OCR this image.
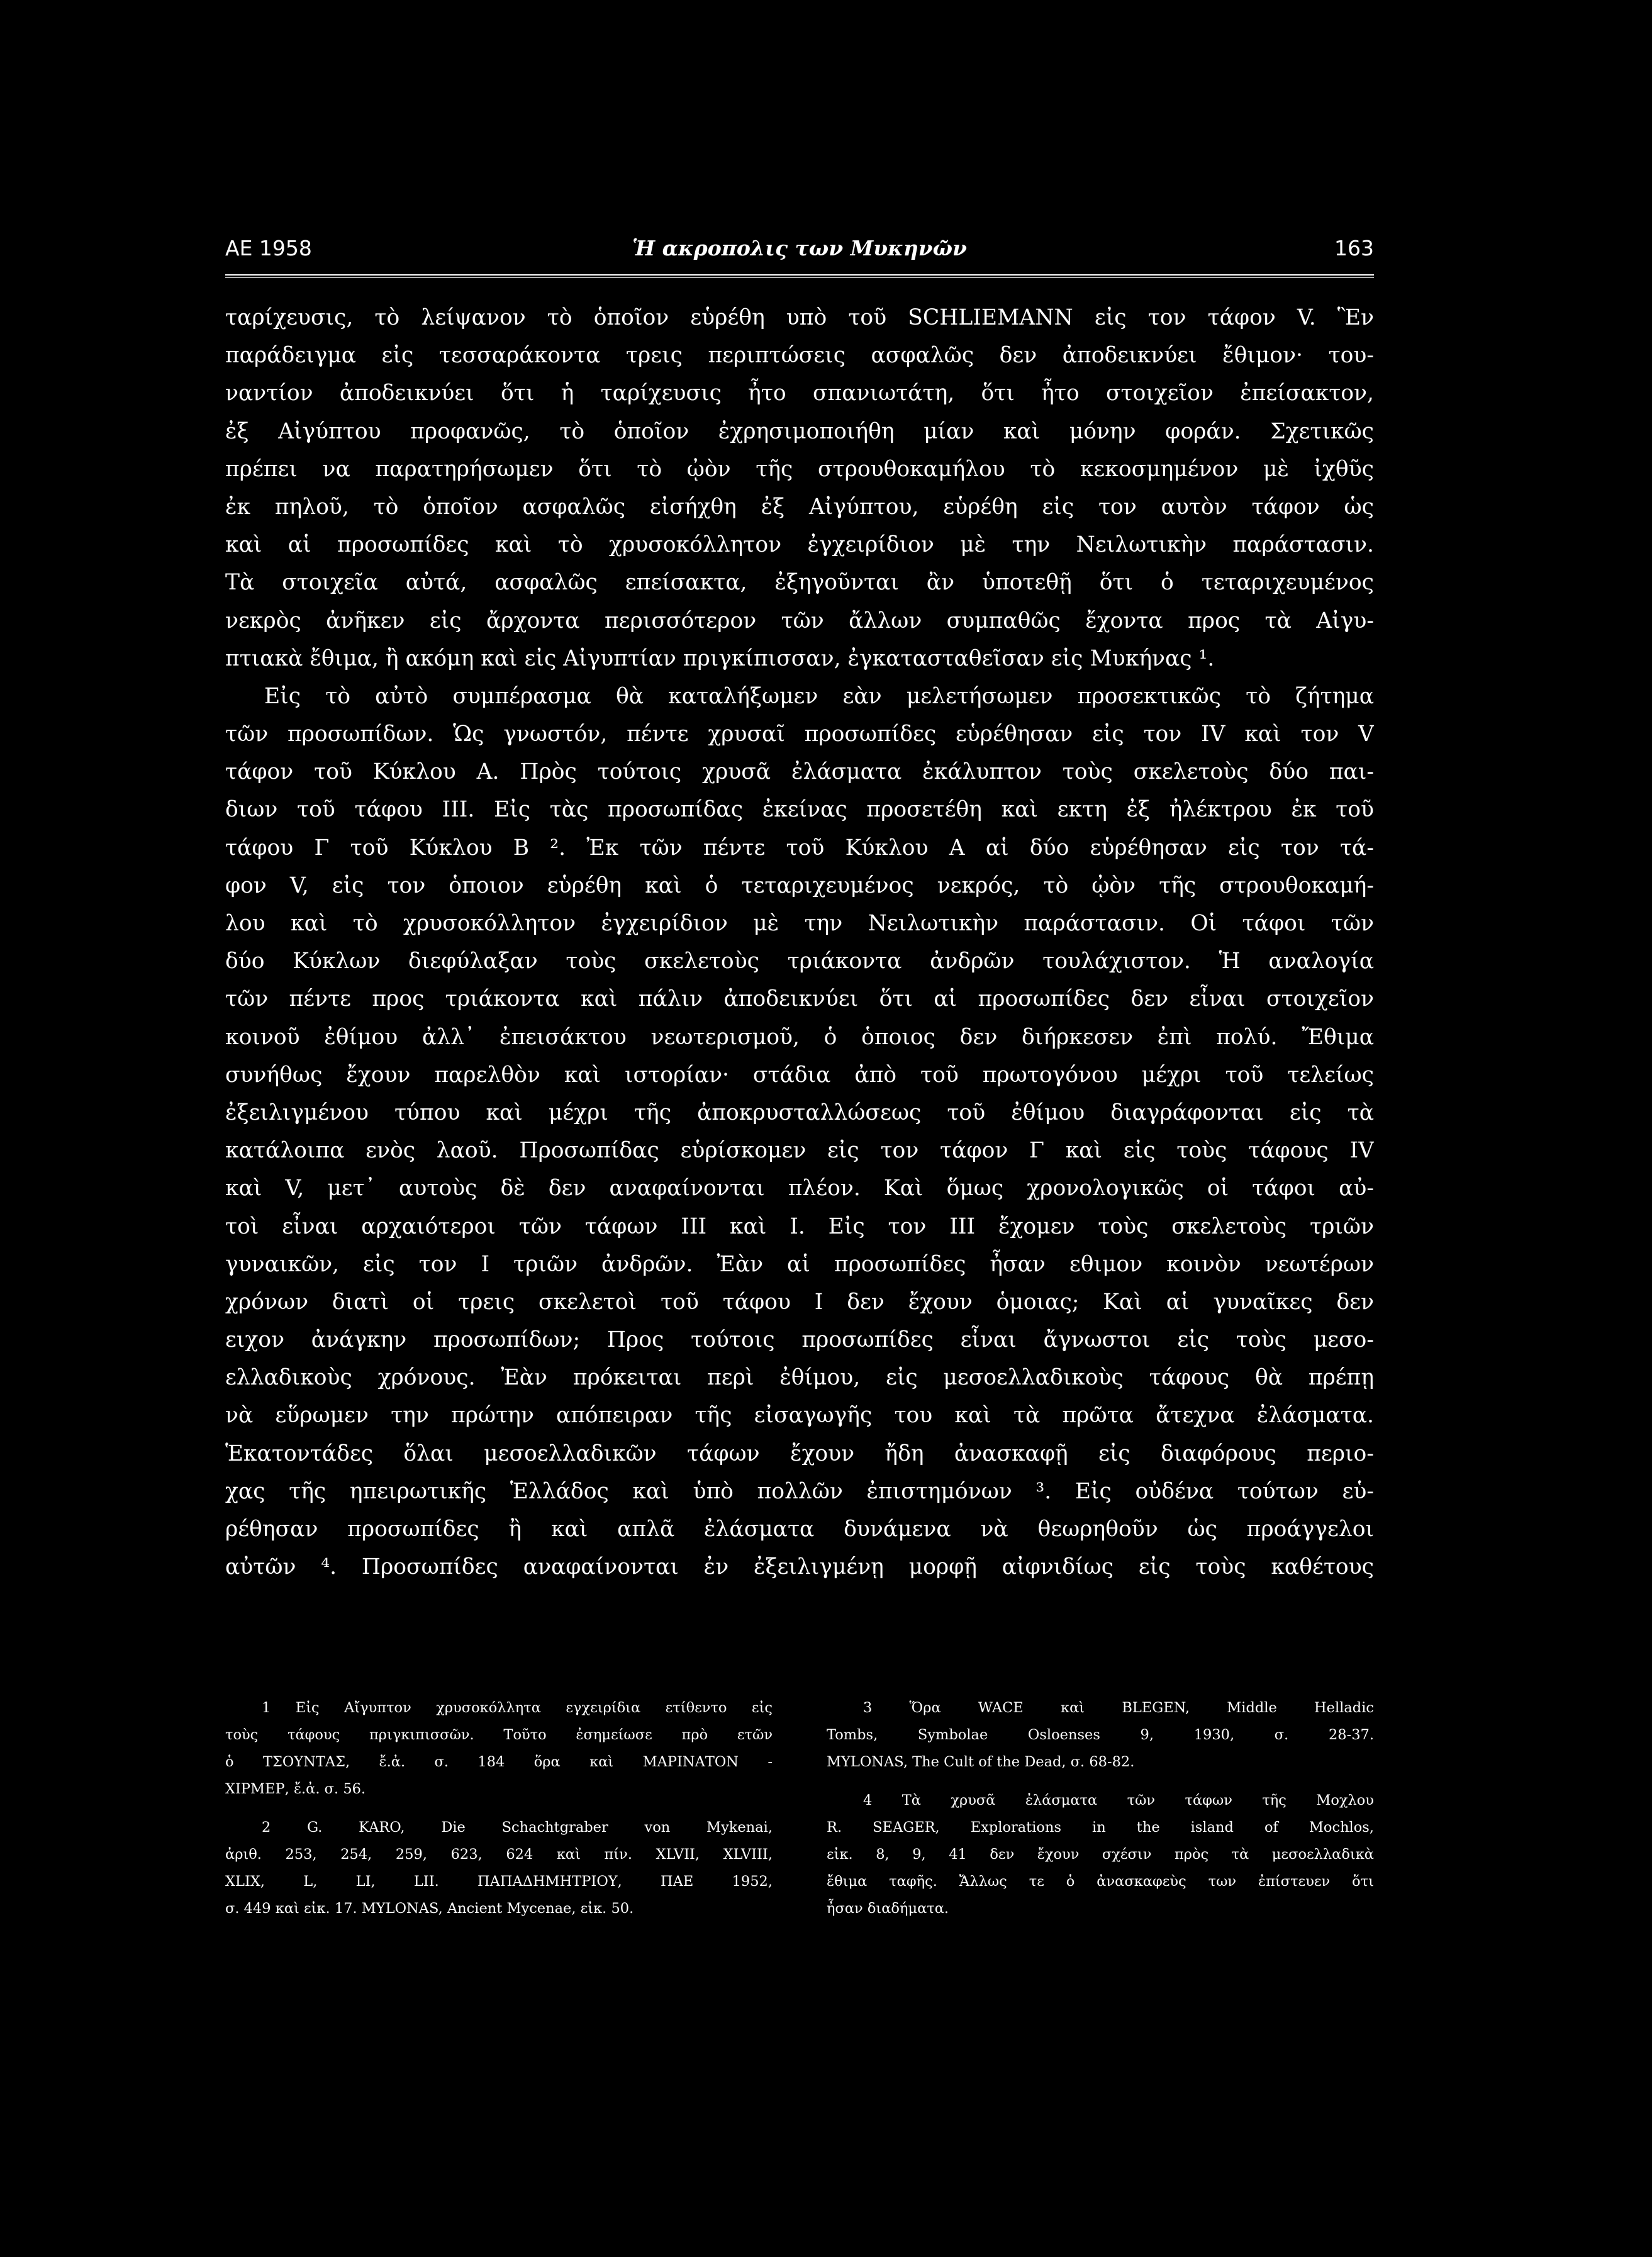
ΑΕ 1958	Ἡ ακροπολις των Μυκηνῶν	163
ταρίχευσις, τὸ λείψανον τὸ ὁποῖον εὑρέθη υπὸ τοῦ SCHLIEMANN εἰς τον τάφον V. Ἓν
παράδειγμα εἰς τεσσαράκοντα τρεις περιπτώσεις ασφαλῶς δεν ἀποδεικνύει ἔθιμον· του-
ναντίον ἀποδεικνύει ὅτι ἡ ταρίχευσις ἦτο σπανιωτάτη, ὅτι ἦτο στοιχεῖον ἐπείσακτον,
ἐξ Αἰγύπτου προφανῶς, τὸ ὁποῖον ἐχρησιμοποιήθη μίαν καὶ μόνην φοράν. Σχετικῶς
πρέπει να παρατηρήσωμεν ὅτι τὸ ᾠὸν τῆς στρουθοκαμήλου τὸ κεκοσμημένον μὲ ἰχθῦς
ἐκ πηλοῦ, τὸ ὁποῖον ασφαλῶς εἰσήχθη ἐξ Αἰγύπτου, εὑρέθη εἰς τον αυτὸν τάφον ὡς
καὶ αἱ προσωπίδες καὶ τὸ χρυσοκόλλητον ἐγχειρίδιον μὲ την Νειλωτικὴν παράστασιν.
Τὰ στοιχεῖα αὐτά, ασφαλῶς επείσακτα, ἐξηγοῦνται ἂν ὑποτεθῇ ὅτι ὁ τεταριχευμένος
νεκρὸς ἀνῆκεν εἰς ἄρχοντα περισσότερον τῶν ἄλλων συμπαθῶς ἔχοντα προς τὰ Αἰγυ-
πτιακὰ ἔθιμα, ἢ ακόμη καὶ εἰς Αἰγυπτίαν πριγκίπισσαν, ἐγκατασταθεῖσαν εἰς Μυκήνας ¹.
Εἰς τὸ αὐτὸ συμπέρασμα θὰ καταλήξωμεν εὰν μελετήσωμεν προσεκτικῶς τὸ ζήτημα
τῶν προσωπίδων. Ὡς γνωστόν, πέντε χρυσαῖ προσωπίδες εὑρέθησαν εἰς τον IV καὶ τον V
τάφον τοῦ Κύκλου Α. Πρὸς τούτοις χρυσᾶ ἐλάσματα ἐκάλυπτον τοὺς σκελετοὺς δύο παι-
διων τοῦ τάφου III. Εἰς τὰς προσωπίδας ἐκείνας προσετέθη καὶ εκτη ἐξ ἠλέκτρου ἐκ τοῦ
τάφου Γ τοῦ Κύκλου Β ². Ἐκ τῶν πέντε τοῦ Κύκλου Α αἱ δύο εὑρέθησαν εἰς τον τά-
φον V, εἰς τον ὁποιον εὑρέθη καὶ ὁ τεταριχευμένος νεκρός, τὸ ᾠὸν τῆς στρουθοκαμή-
λου καὶ τὸ χρυσοκόλλητον ἐγχειρίδιον μὲ την Νειλωτικὴν παράστασιν. Οἱ τάφοι τῶν
δύο Κύκλων διεφύλαξαν τοὺς σκελετοὺς τριάκοντα ἀνδρῶν τουλάχιστον. Ἡ αναλογία
τῶν πέντε προς τριάκοντα καὶ πάλιν ἀποδεικνύει ὅτι αἱ προσωπίδες δεν εἶναι στοιχεῖον
κοινοῦ ἐθίμου ἀλλ᾿ ἐπεισάκτου νεωτερισμοῦ, ὁ ὁποιος δεν διήρκεσεν ἐπὶ πολύ. Ἔθιμα
συνήθως ἔχουν παρελθὸν καὶ ιστορίαν· στάδια ἀπὸ τοῦ πρωτογόνου μέχρι τοῦ τελείως
ἐξειλιγμένου τύπου καὶ μέχρι τῆς ἀποκρυσταλλώσεως τοῦ ἐθίμου διαγράφονται εἰς τὰ
κατάλοιπα ενὸς λαοῦ. Προσωπίδας εὑρίσκομεν εἰς τον τάφον Γ καὶ εἰς τοὺς τάφους IV
καὶ V, μετ᾿ αυτοὺς δὲ δεν αναφαίνονται πλέον. Καὶ ὅμως χρονολογικῶς οἱ τάφοι αὐ-
τοὶ εἶναι αρχαιότεροι τῶν τάφων III καὶ I. Εἰς τον III ἔχομεν τοὺς σκελετοὺς τριῶν
γυναικῶν, εἰς τον I τριῶν ἀνδρῶν. Ἐὰν αἱ προσωπίδες ἦσαν εθιμον κοινὸν νεωτέρων
χρόνων διατὶ οἱ τρεις σκελετοὶ τοῦ τάφου I δεν ἔχουν ὁμοιας; Καὶ αἱ γυναῖκες δεν
ειχον ἀνάγκην προσωπίδων; Προς τούτοις προσωπίδες εἶναι ἄγνωστοι εἰς τοὺς μεσο-
ελλαδικοὺς χρόνους. Ἐὰν πρόκειται περὶ ἐθίμου, εἰς μεσοελλαδικοὺς τάφους θὰ πρέπῃ
νὰ εὕρωμεν την πρώτην απόπειραν τῆς εἰσαγωγῆς του καὶ τὰ πρῶτα ἄτεχνα ἐλάσματα.
Ἑκατοντάδες ὅλαι μεσοελλαδικῶν τάφων ἔχουν ἤδη ἀνασκαφῇ εἰς διαφόρους περιο-
χας τῆς ηπειρωτικῆς Ἑλλάδος καὶ ὑπὸ πολλῶν ἐπιστημόνων ³. Εἰς οὐδένα τούτων εὑ-
ρέθησαν προσωπίδες ἢ καὶ απλᾶ ἐλάσματα δυνάμενα νὰ θεωρηθοῦν ὡς προάγγελοι
αὐτῶν ⁴. Προσωπίδες αναφαίνονται ἐν ἐξειλιγμένῃ μορφῇ αἰφνιδίως εἰς τοὺς καθέτους
1 Εἰς Αἴγυπτον χρυσοκόλλητα εγχειρίδια ετίθεντο εἰς
τοὺς τάφους πριγκιπισσῶν. Τοῦτο ἐσημείωσε πρὸ ετῶν
ὁ ΤΣΟΥΝΤΑΣ, ἔ.ἀ. σ. 184 ὅρα καὶ ΜΑΡΙΝΑΤΟΝ -
ΧΙΡΜΕΡ, ἔ.ἀ. σ. 56.
2 G. KARO, Die Schachtgraber von Mykenai,
ἀριθ. 253, 254, 259, 623, 624 καὶ πίν. XLVII, XLVIII,
XLIX, L, LI, LII. ΠΑΠΑΔΗΜΗΤΡΙΟΥ, ΠΑΕ 1952,
σ. 449 καὶ εἰκ. 17. MYLONAS, Ancient Mycenae, εἰκ. 50.
3 Ὅρα WACE καὶ BLEGEN, Middle Helladic
Tombs, Symbolae Osloenses 9, 1930, σ. 28-37.
MYLONAS, The Cult of the Dead, σ. 68-82.
4 Τὰ χρυσᾶ ἐλάσματα τῶν τάφων τῆς Μοχλου
R. SEAGER, Explorations in the island of Mochlos,
εἰκ. 8, 9, 41 δεν ἔχουν σχέσιν πρὸς τὰ μεσοελλαδικὰ
ἔθιμα ταφῆς. Ἄλλως τε ὁ ἀνασκαφεὺς των ἐπίστευεν ὅτι
ἦσαν διαδήματα.
